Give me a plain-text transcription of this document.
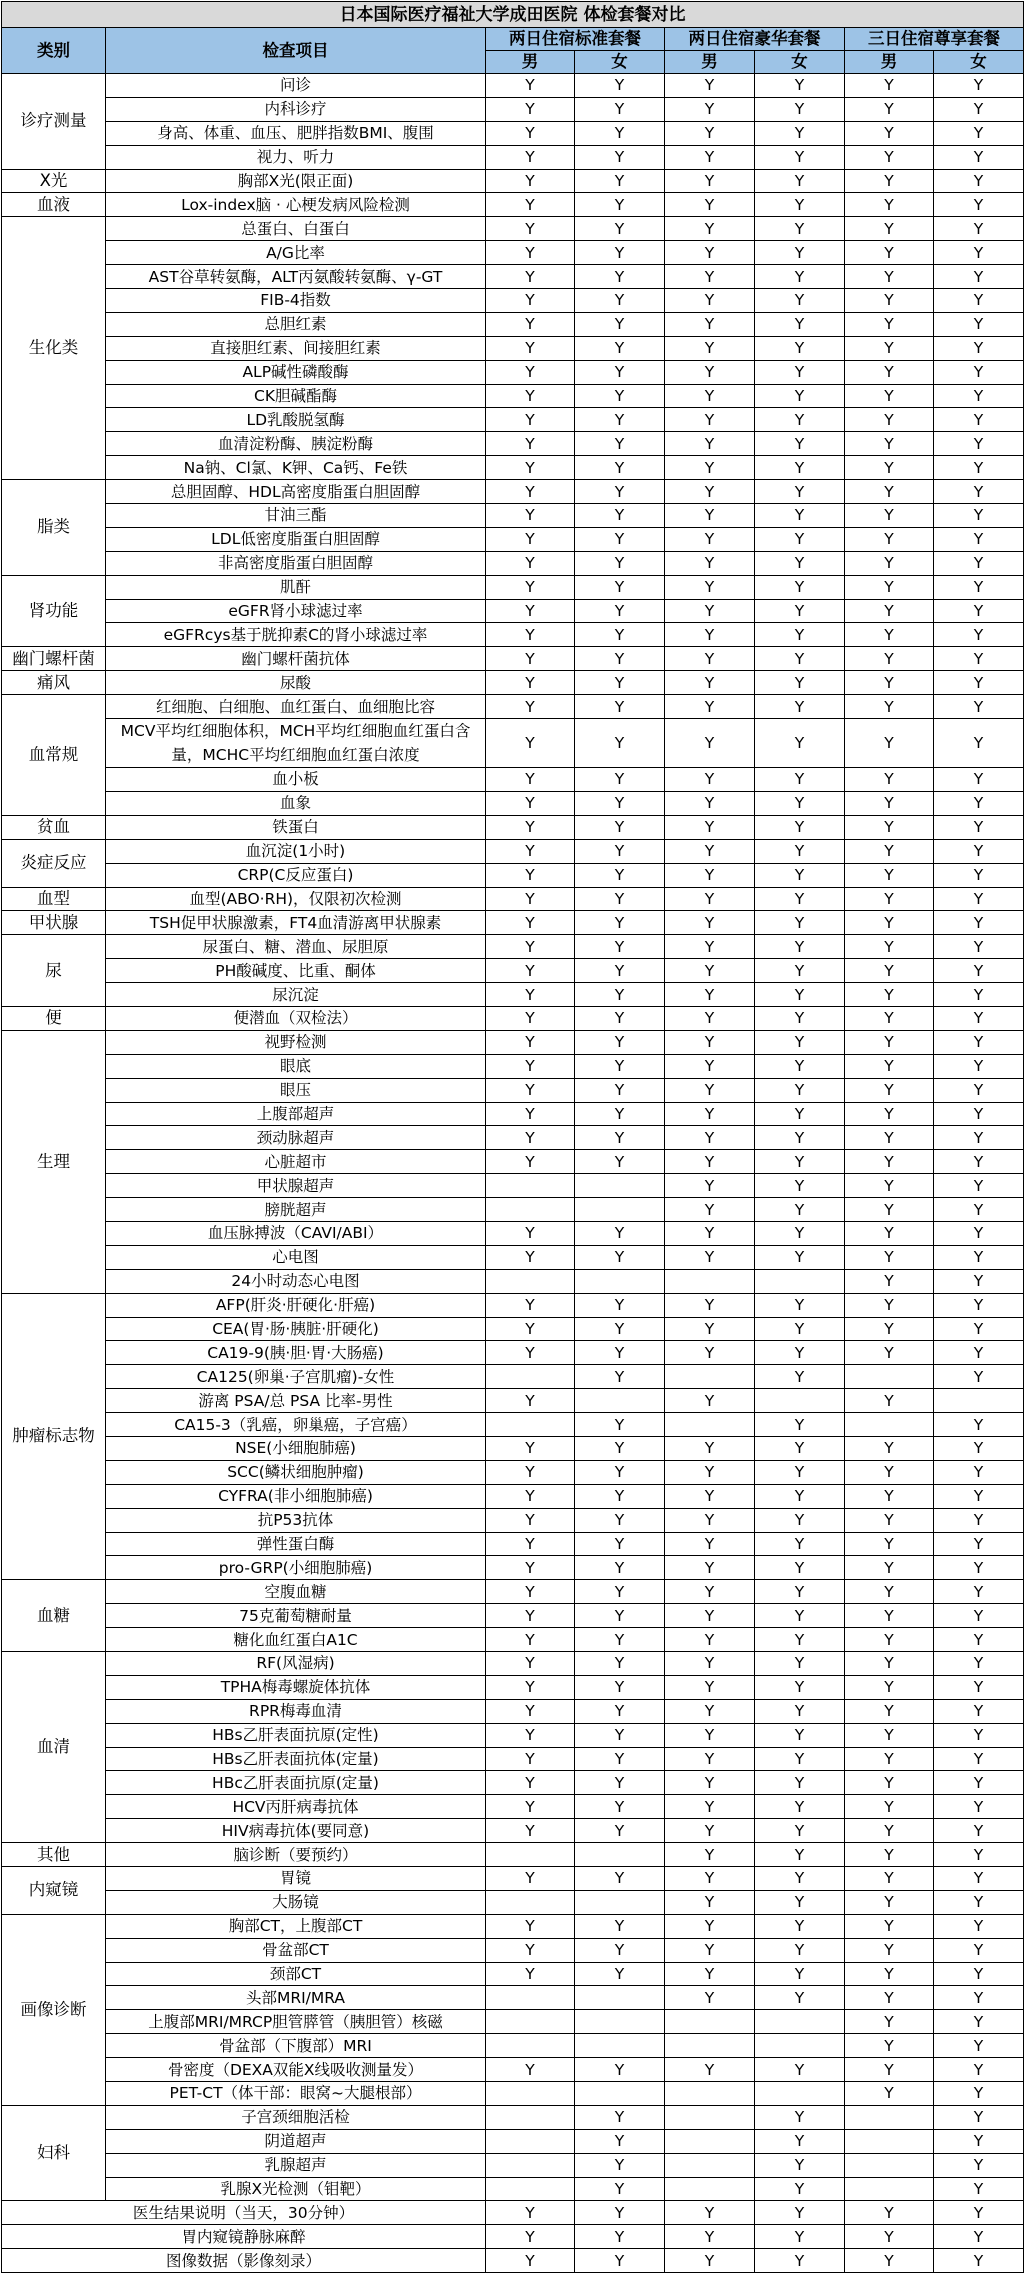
日本国际医疗福祉大学成田医院 体检套餐对比							
类别	检查项目	两日住宿标准套餐		两日住宿豪华套餐		三日住宿尊享套餐	
		男	女	男	女	男	女
诊疗测量	问诊	Y	Y	Y	Y	Y	Y
	内科诊疗	Y	Y	Y	Y	Y	Y
	身高、体重、血压、肥胖指数BMI、腹围	Y	Y	Y	Y	Y	Y
	视力、听力	Y	Y	Y	Y	Y	Y
X光	胸部X光(限正面)	Y	Y	Y	Y	Y	Y
血液	Lox-index脑 · 心梗发病风险检测	Y	Y	Y	Y	Y	Y
生化类	总蛋白、白蛋白	Y	Y	Y	Y	Y	Y
	A/G比率	Y	Y	Y	Y	Y	Y
	AST谷草转氨酶，ALT丙氨酸转氨酶、γ-GT	Y	Y	Y	Y	Y	Y
	FIB-4指数	Y	Y	Y	Y	Y	Y
	总胆红素	Y	Y	Y	Y	Y	Y
	直接胆红素、间接胆红素	Y	Y	Y	Y	Y	Y
	ALP碱性磷酸酶	Y	Y	Y	Y	Y	Y
	CK胆碱酯酶	Y	Y	Y	Y	Y	Y
	LD乳酸脱氢酶	Y	Y	Y	Y	Y	Y
	血清淀粉酶、胰淀粉酶	Y	Y	Y	Y	Y	Y
	Na钠、Cl氯、K钾、Ca钙、Fe铁	Y	Y	Y	Y	Y	Y
脂类	总胆固醇、HDL高密度脂蛋白胆固醇	Y	Y	Y	Y	Y	Y
	甘油三酯	Y	Y	Y	Y	Y	Y
	LDL低密度脂蛋白胆固醇	Y	Y	Y	Y	Y	Y
	非高密度脂蛋白胆固醇	Y	Y	Y	Y	Y	Y
肾功能	肌酐	Y	Y	Y	Y	Y	Y
	eGFR肾小球滤过率	Y	Y	Y	Y	Y	Y
	eGFRcys基于胱抑素C的肾小球滤过率	Y	Y	Y	Y	Y	Y
幽门螺杆菌	幽门螺杆菌抗体	Y	Y	Y	Y	Y	Y
痛风	尿酸	Y	Y	Y	Y	Y	Y
血常规	红细胞、白细胞、血红蛋白、血细胞比容	Y	Y	Y	Y	Y	Y
	MCV平均红细胞体积，MCH平均红细胞血红蛋白含量，MCHC平均红细胞血红蛋白浓度	Y	Y	Y	Y	Y	Y
	血小板	Y	Y	Y	Y	Y	Y
	血象	Y	Y	Y	Y	Y	Y
贫血	铁蛋白	Y	Y	Y	Y	Y	Y
炎症反应	血沉淀(1小时)	Y	Y	Y	Y	Y	Y
	CRP(C反应蛋白)	Y	Y	Y	Y	Y	Y
血型	血型(ABO·RH)，仅限初次检测	Y	Y	Y	Y	Y	Y
甲状腺	TSH促甲状腺激素，FT4血清游离甲状腺素	Y	Y	Y	Y	Y	Y
尿	尿蛋白、糖、潜血、尿胆原	Y	Y	Y	Y	Y	Y
	PH酸碱度、比重、酮体	Y	Y	Y	Y	Y	Y
	尿沉淀	Y	Y	Y	Y	Y	Y
便	便潜血（双检法）	Y	Y	Y	Y	Y	Y
生理	视野检测	Y	Y	Y	Y	Y	Y
	眼底	Y	Y	Y	Y	Y	Y
	眼压	Y	Y	Y	Y	Y	Y
	上腹部超声	Y	Y	Y	Y	Y	Y
	颈动脉超声	Y	Y	Y	Y	Y	Y
	心脏超市	Y	Y	Y	Y	Y	Y
	甲状腺超声			Y	Y	Y	Y
	膀胱超声			Y	Y	Y	Y
	血压脉搏波（CAVI/ABI）	Y	Y	Y	Y	Y	Y
	心电图	Y	Y	Y	Y	Y	Y
	24小时动态心电图					Y	Y
肿瘤标志物	AFP(肝炎·肝硬化·肝癌)	Y	Y	Y	Y	Y	Y
	CEA(胃·肠·胰脏·肝硬化)	Y	Y	Y	Y	Y	Y
	CA19-9(胰·胆·胃·大肠癌)	Y	Y	Y	Y	Y	Y
	CA125(卵巢·子宫肌瘤)-女性		Y		Y		Y
	游离 PSA/总 PSA 比率-男性	Y		Y		Y	
	CA15-3（乳癌，卵巢癌，子宫癌）		Y		Y		Y
	NSE(小细胞肺癌)	Y	Y	Y	Y	Y	Y
	SCC(鳞状细胞肿瘤)	Y	Y	Y	Y	Y	Y
	CYFRA(非小细胞肺癌)	Y	Y	Y	Y	Y	Y
	抗P53抗体	Y	Y	Y	Y	Y	Y
	弹性蛋白酶	Y	Y	Y	Y	Y	Y
	pro-GRP(小细胞肺癌)	Y	Y	Y	Y	Y	Y
血糖	空腹血糖	Y	Y	Y	Y	Y	Y
	75克葡萄糖耐量	Y	Y	Y	Y	Y	Y
	糖化血红蛋白A1C	Y	Y	Y	Y	Y	Y
血清	RF(风湿病)	Y	Y	Y	Y	Y	Y
	TPHA梅毒螺旋体抗体	Y	Y	Y	Y	Y	Y
	RPR梅毒血清	Y	Y	Y	Y	Y	Y
	HBs乙肝表面抗原(定性)	Y	Y	Y	Y	Y	Y
	HBs乙肝表面抗体(定量)	Y	Y	Y	Y	Y	Y
	HBc乙肝表面抗原(定量)	Y	Y	Y	Y	Y	Y
	HCV丙肝病毒抗体	Y	Y	Y	Y	Y	Y
	HIV病毒抗体(要同意)	Y	Y	Y	Y	Y	Y
其他	脑诊断（要预约）			Y	Y	Y	Y
内窥镜	胃镜	Y	Y	Y	Y	Y	Y
	大肠镜			Y	Y	Y	Y
画像诊断	胸部CT，上腹部CT	Y	Y	Y	Y	Y	Y
	骨盆部CT	Y	Y	Y	Y	Y	Y
	颈部CT	Y	Y	Y	Y	Y	Y
	头部MRI/MRA			Y	Y	Y	Y
	上腹部MRI/MRCP胆管膵管（胰胆管）核磁					Y	Y
	骨盆部（下腹部）MRI					Y	Y
	骨密度（DEXA双能X线吸收测量发）	Y	Y	Y	Y	Y	Y
	PET-CT（体干部：眼窝~大腿根部）					Y	Y
妇科	子宫颈细胞活检		Y		Y		Y
	阴道超声		Y		Y		Y
	乳腺超声		Y		Y		Y
	乳腺X光检测（钼靶）		Y		Y		Y
医生结果说明（当天，30分钟）		Y	Y	Y	Y	Y	Y
胃内窥镜静脉麻醉		Y	Y	Y	Y	Y	Y
图像数据（影像刻录）		Y	Y	Y	Y	Y	Y
